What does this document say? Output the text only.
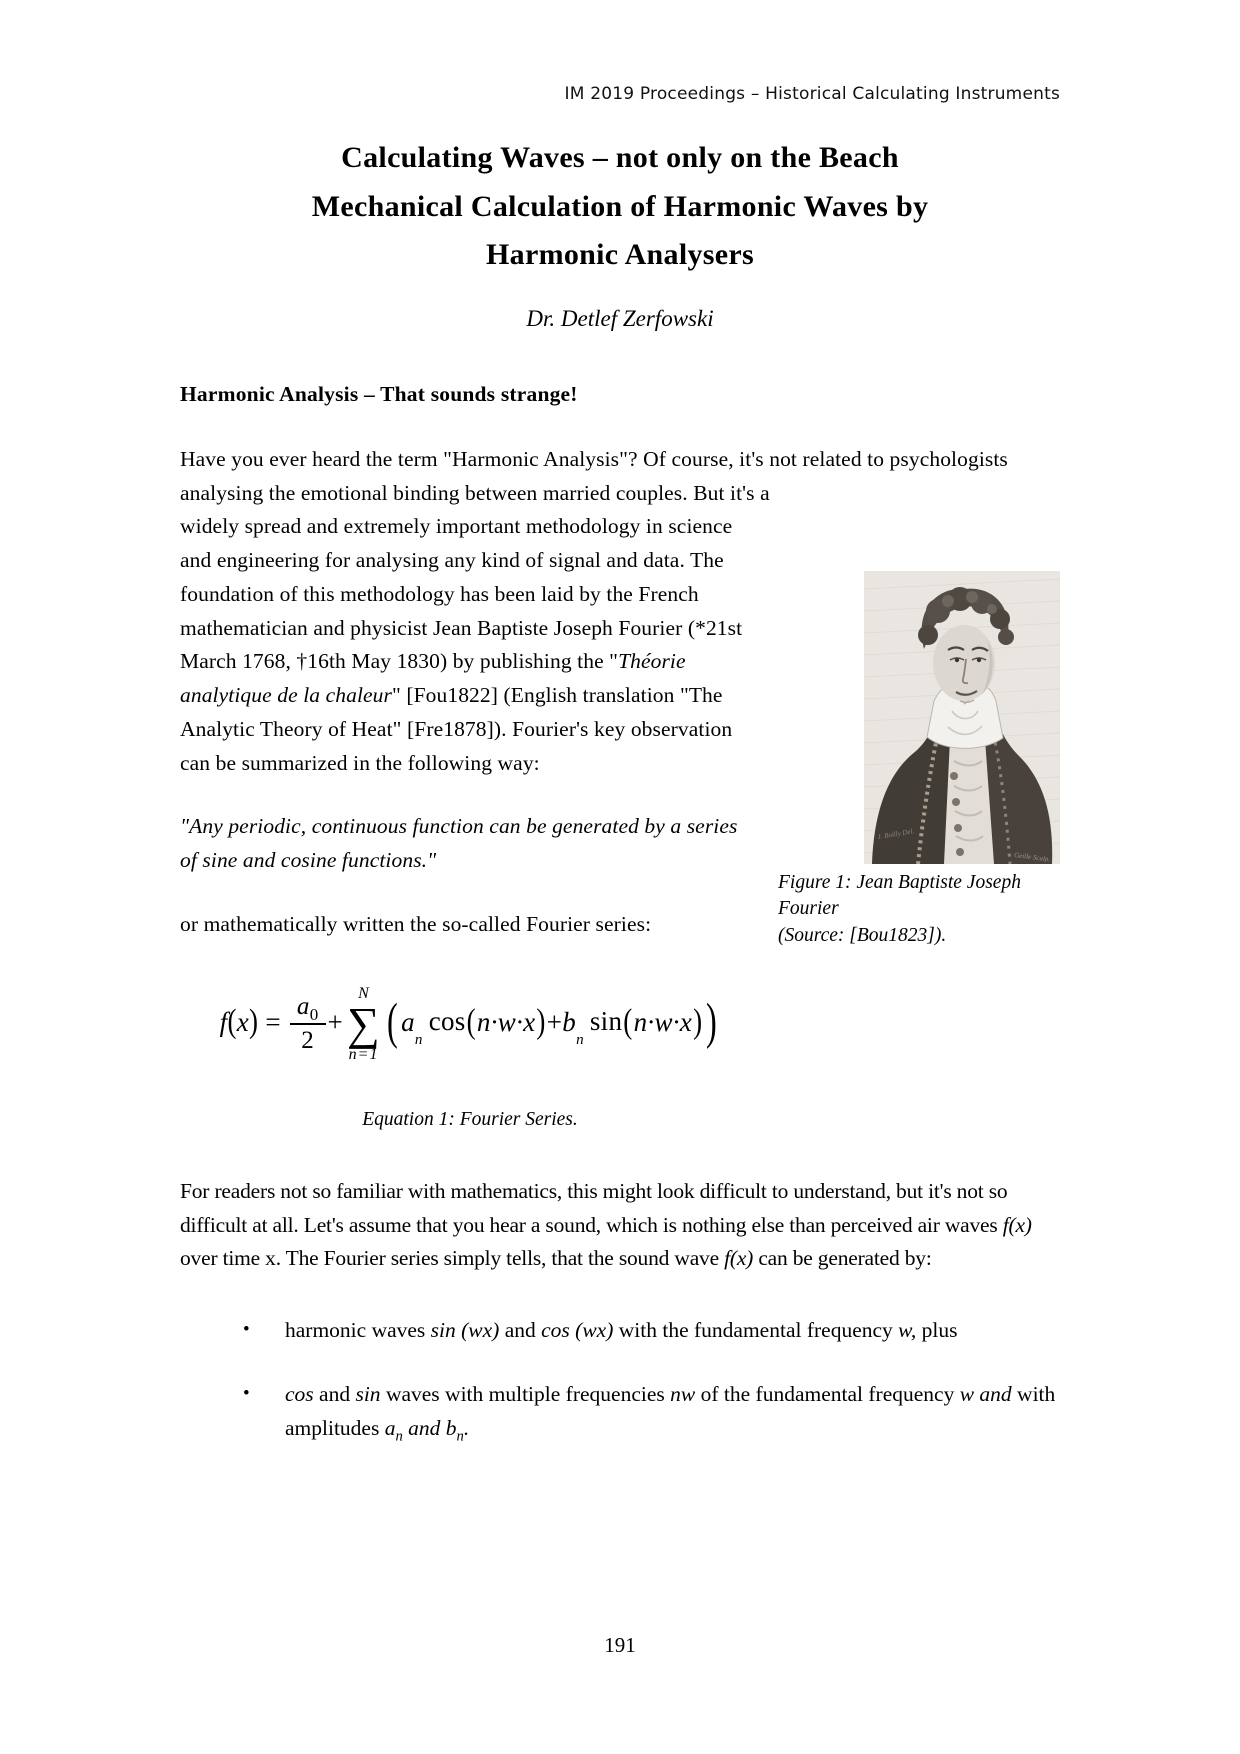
IM 2019 Proceedings – Historical Calculating Instruments
Calculating Waves – not only on the Beach
Mechanical Calculation of Harmonic Waves by
Harmonic Analysers
Dr. Detlef Zerfowski
Harmonic Analysis – That sounds strange!

Have you ever heard the term "Harmonic Analysis"? Of course, it's not related to psychologists analysing the emotional binding between married couples. But it's a

J. Boilly Del.
Geille Sculp.
Figure 1: Jean Baptiste Joseph
Fourier
(Source: [Bou1823]).

widely spread and extremely important methodology in science and engineering for analysing any kind of signal and data. The foundation of this methodology has been laid by the French mathematician and physicist Jean Baptiste Joseph Fourier (*21st March 1768, †16th May 1830) by publishing the "Théorie analytique de la chaleur" [Fou1822] (English translation "The Analytic Theory of Heat" [Fre1878]). Fourier's key observation can be summarized in the following way:

"Any periodic, continuous function can be generated by a series of sine and cosine functions."

or mathematically written the so-called Fourier series:

$f(x) = \frac{a_0}{2}$ +
N
∑
n=1
( $a_n\cos(n\cdot w\cdot x)+b_n\sin(n\cdot w\cdot x)$ )
Equation 1: Fourier Series.

For readers not so familiar with mathematics, this might look difficult to understand, but it's not so difficult at all. Let's assume that you hear a sound, which is nothing else than perceived air waves f(x) over time x. The Fourier series simply tells, that the sound wave f(x) can be generated by:

• harmonic waves sin (wx) and cos (wx) with the fundamental frequency w, plus
• cos and sin waves with multiple frequencies nw of the fundamental frequency w and with amplitudes $a_n$ and $b_n$.
191
